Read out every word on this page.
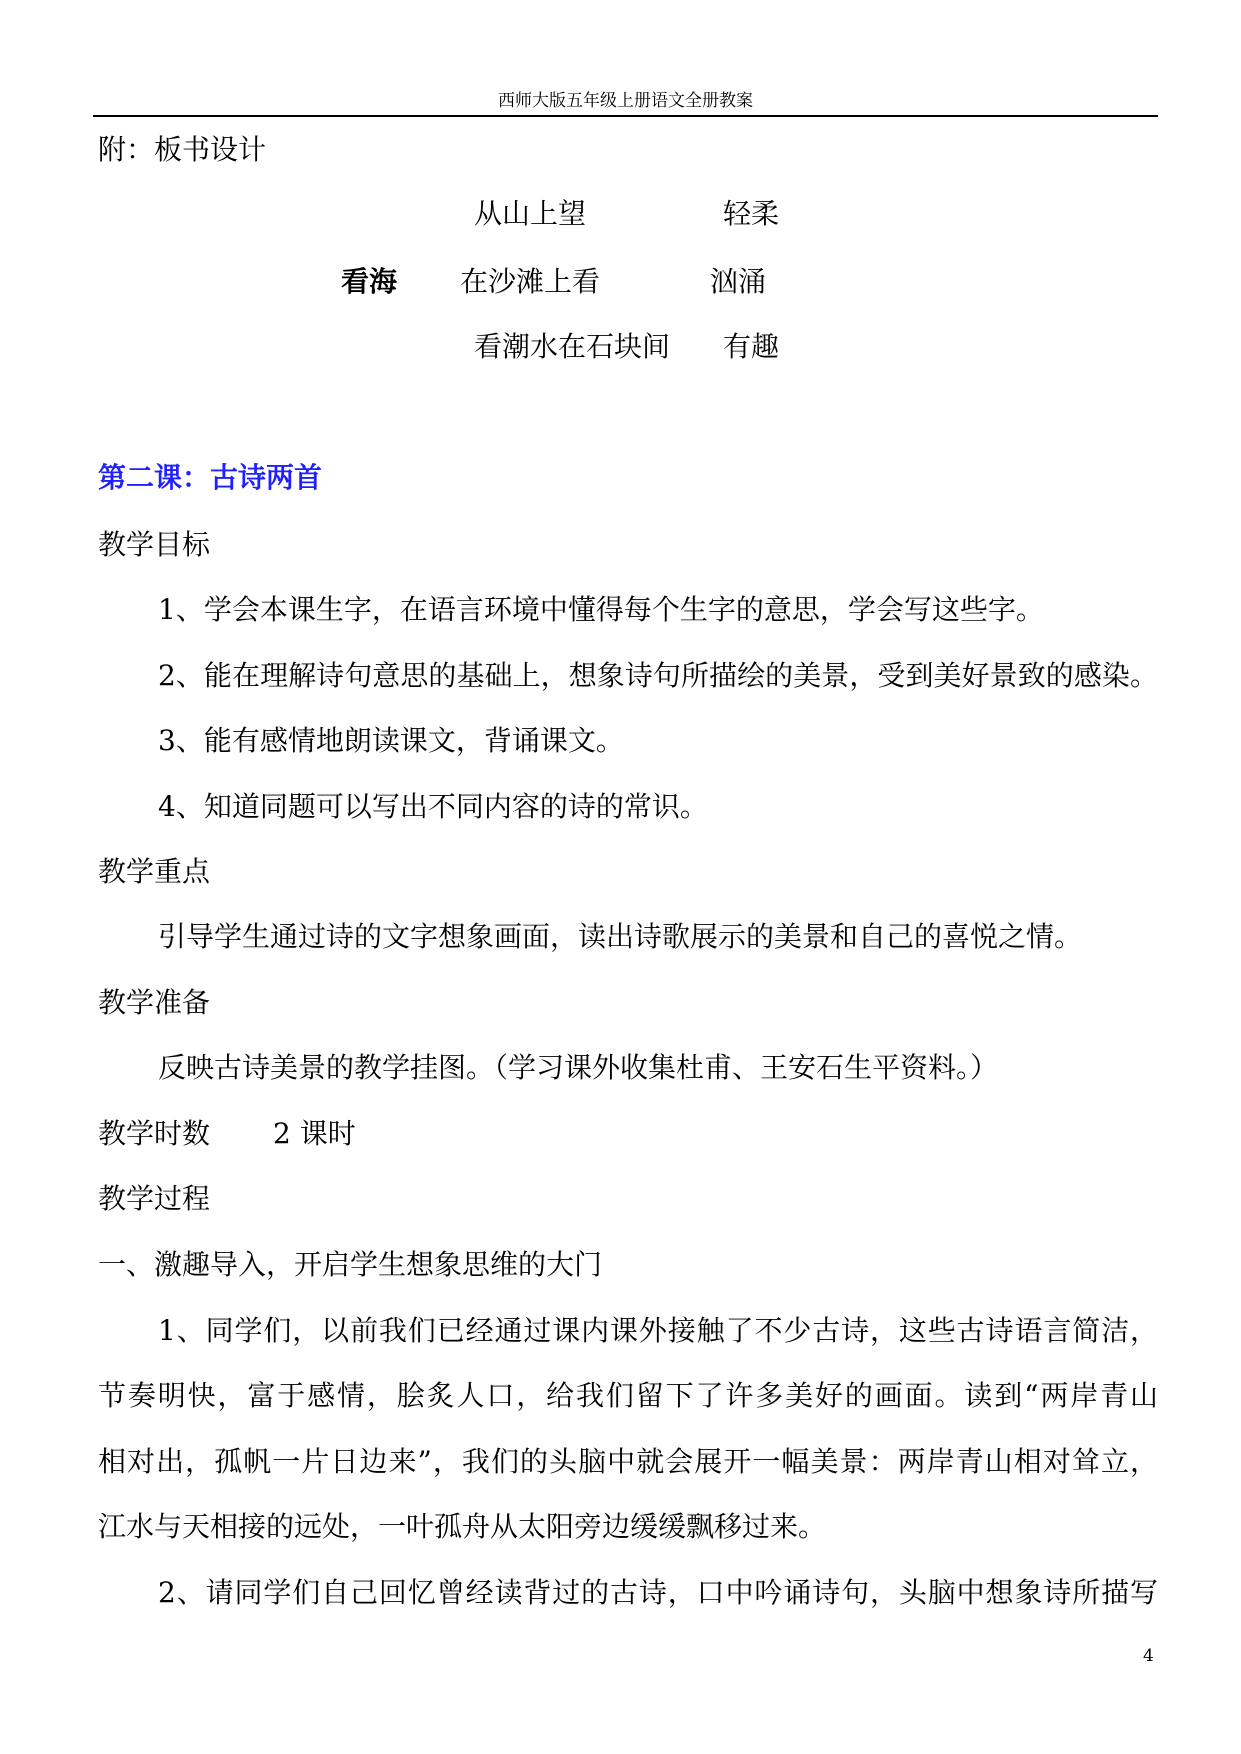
西师大版五年级上册语文全册教案
附：板书设计
从山上望	轻柔
看海 在沙滩上看	汹涌
看潮水在石块间 有趣
第二课：古诗两首
教学目标
1、学会本课生字，在语言环境中懂得每个生字的意思，学会写这些字。
2、能在理解诗句意思的基础上，想象诗句所描绘的美景，受到美好景致的感染。
3、能有感情地朗读课文，背诵课文。
4、知道同题可以写出不同内容的诗的常识。
教学重点
引导学生通过诗的文字想象画面，读出诗歌展示的美景和自己的喜悦之情。
教学准备
反映古诗美景的教学挂图。（学习课外收集杜甫、王安石生平资料。）
教学时数 2 课时
教学过程
一、激趣导入，开启学生想象思维的大门
1、同学们，以前我们已经通过课内课外接触了不少古诗，这些古诗语言简洁，
节奏明快，富于感情，脍炙人口，给我们留下了许多美好的画面。读到“两岸青山
相对出，孤帆一片日边来”，我们的头脑中就会展开一幅美景：两岸青山相对耸立，
江水与天相接的远处，一叶孤舟从太阳旁边缓缓飘移过来。
2、请同学们自己回忆曾经读背过的古诗，口中吟诵诗句，头脑中想象诗所描写
4
